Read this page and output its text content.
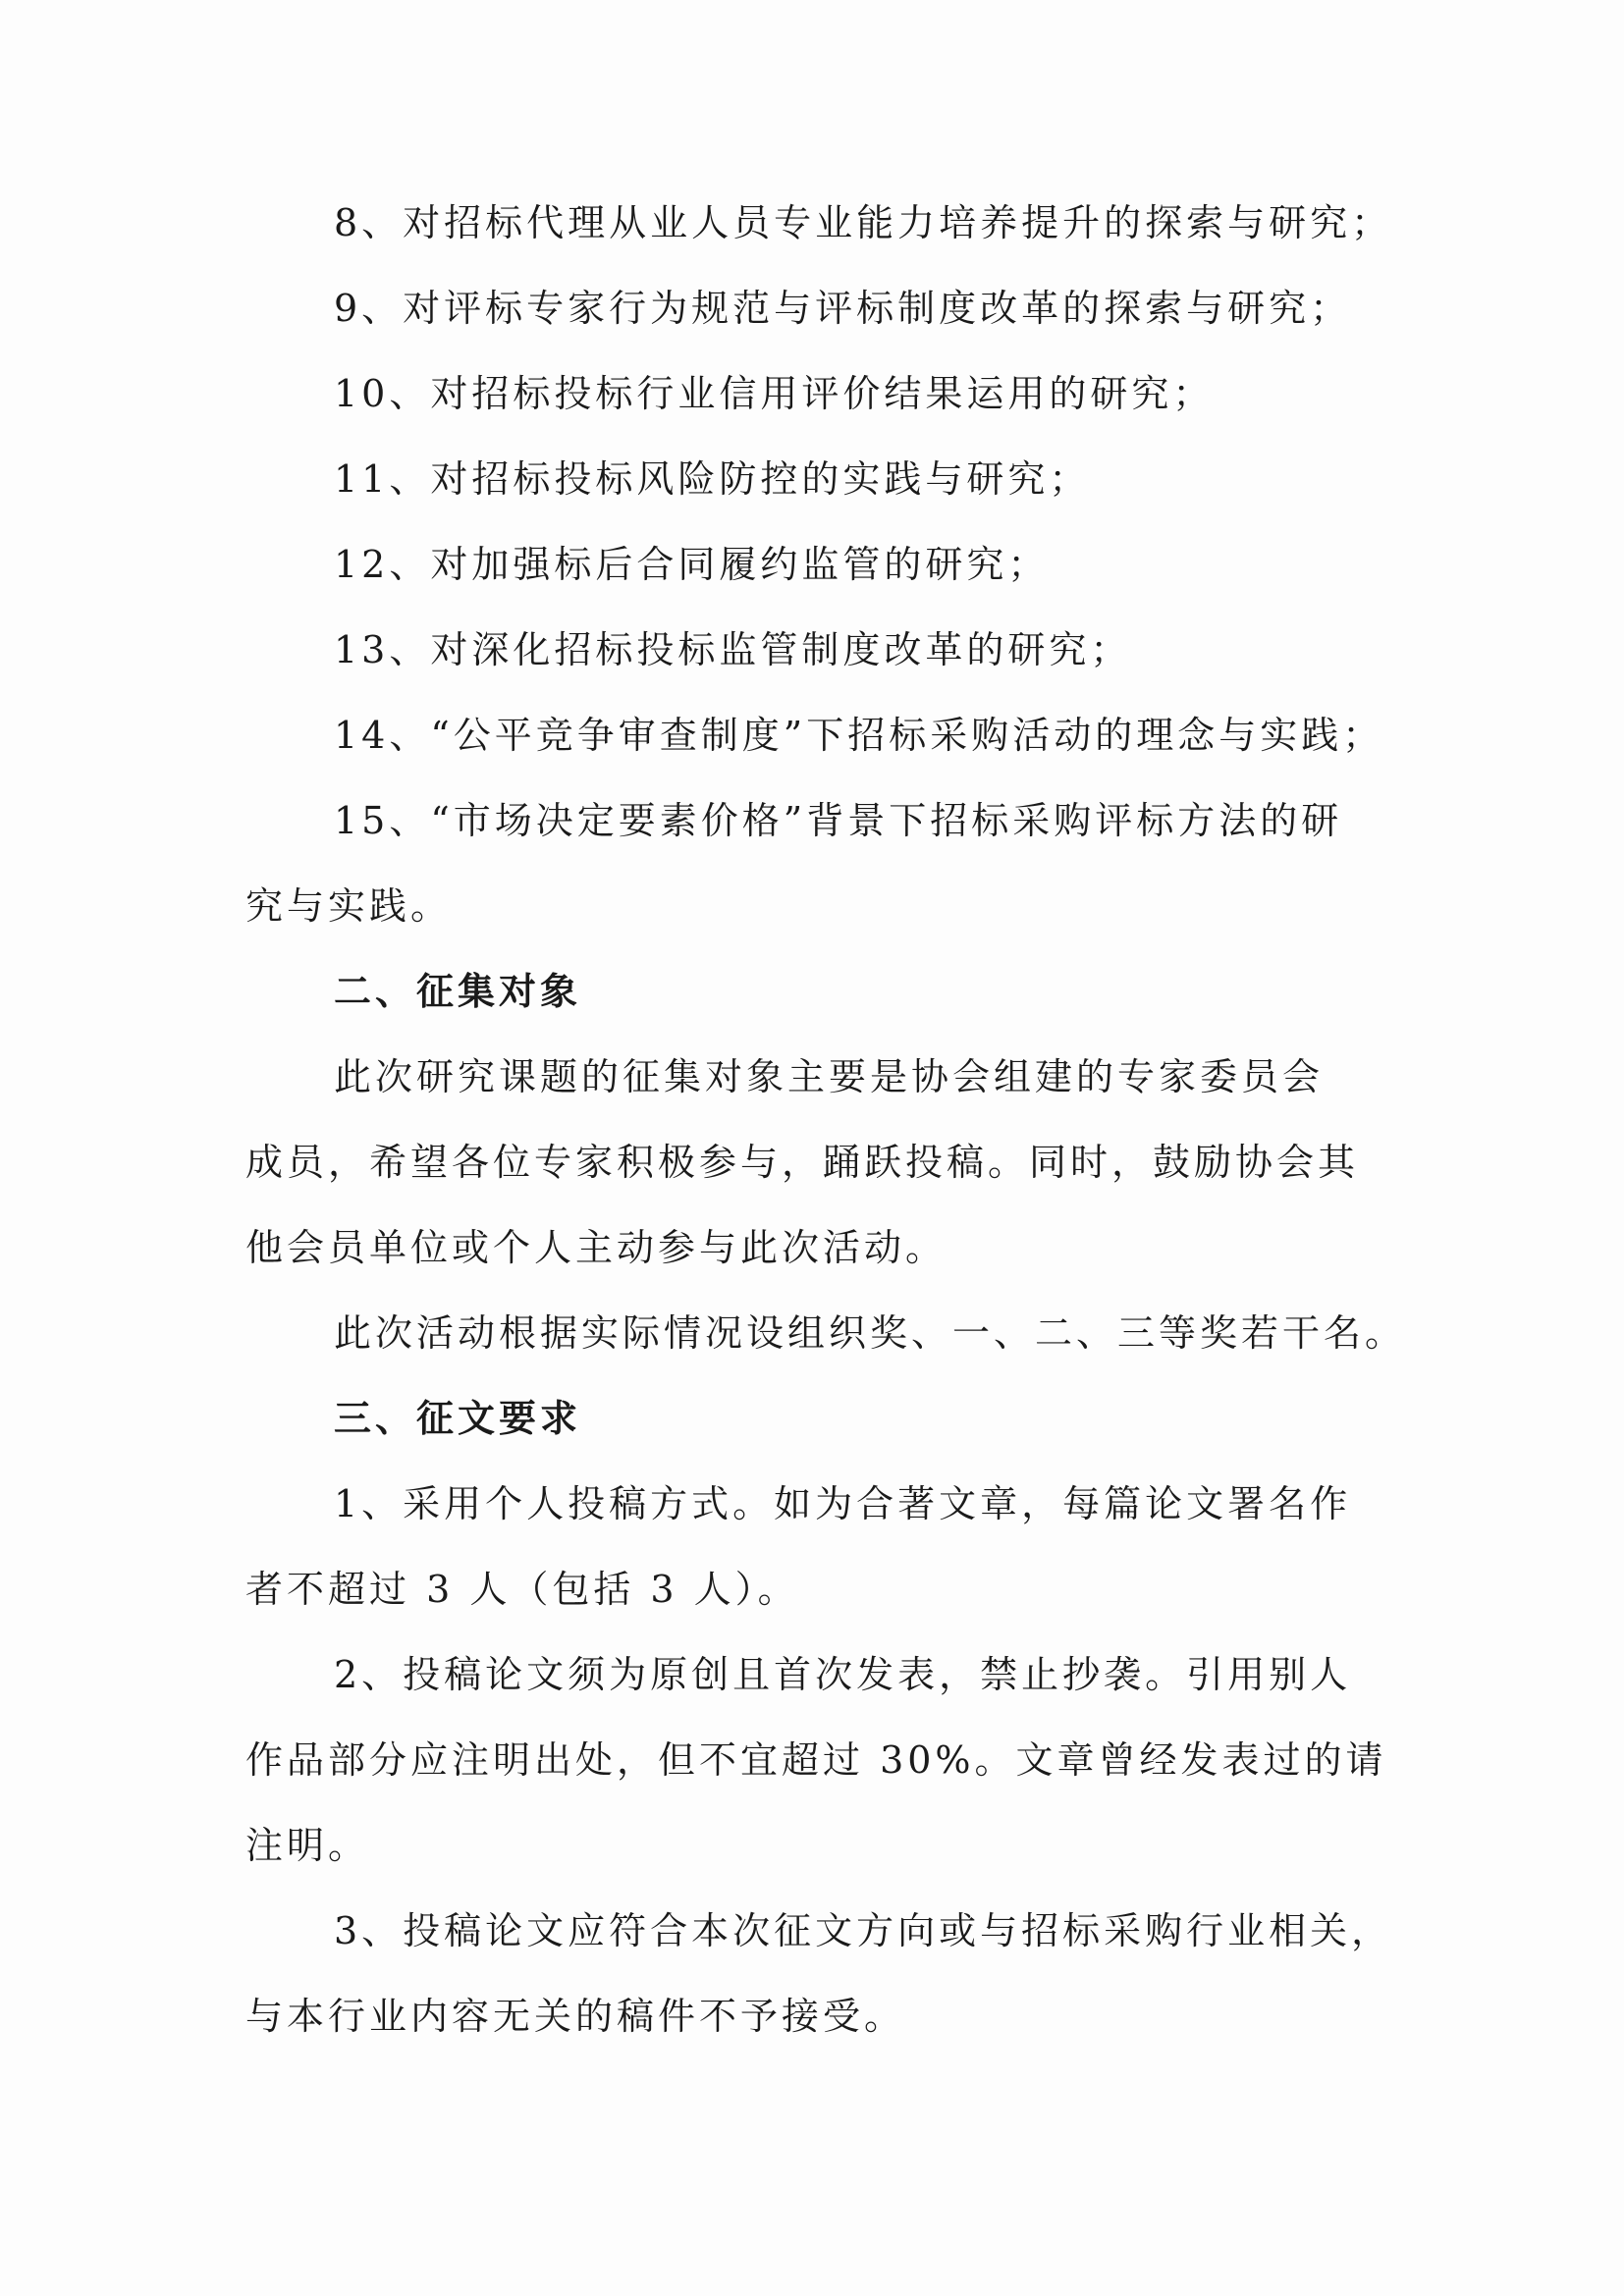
8、对招标代理从业人员专业能力培养提升的探索与研究；
9、对评标专家行为规范与评标制度改革的探索与研究；
10、对招标投标行业信用评价结果运用的研究；
11、对招标投标风险防控的实践与研究；
12、对加强标后合同履约监管的研究；
13、对深化招标投标监管制度改革的研究；
14、“公平竞争审查制度”下招标采购活动的理念与实践；
15、“市场决定要素价格”背景下招标采购评标方法的研
究与实践。
二、征集对象
此次研究课题的征集对象主要是协会组建的专家委员会
成员，希望各位专家积极参与，踊跃投稿。同时，鼓励协会其
他会员单位或个人主动参与此次活动。
此次活动根据实际情况设组织奖、一、二、三等奖若干名。
三、征文要求
1、采用个人投稿方式。如为合著文章，每篇论文署名作
者不超过 3 人（包括 3 人）。
2、投稿论文须为原创且首次发表，禁止抄袭。引用别人
作品部分应注明出处，但不宜超过 30%。文章曾经发表过的请
注明。
3、投稿论文应符合本次征文方向或与招标采购行业相关，
与本行业内容无关的稿件不予接受。
